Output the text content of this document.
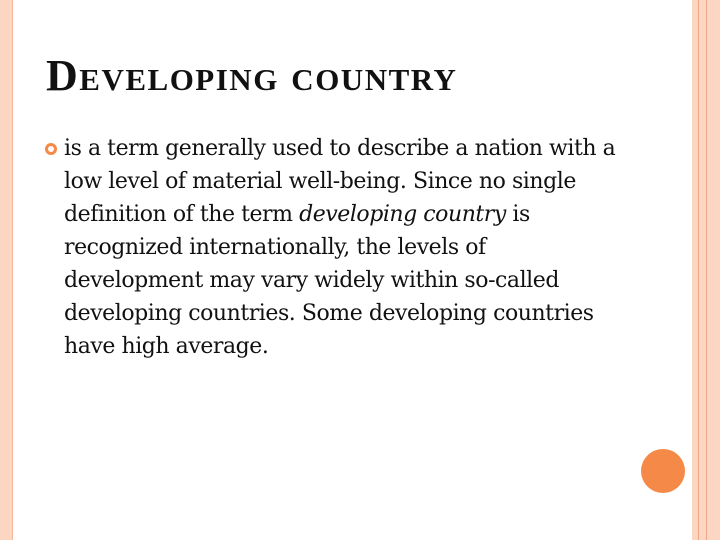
Developing country

is a term generally used to describe a nation with a low level of material well-being. Since no single definition of the term developing country is recognized internationally, the levels of development may vary widely within so-called developing countries. Some developing countries have high average.
